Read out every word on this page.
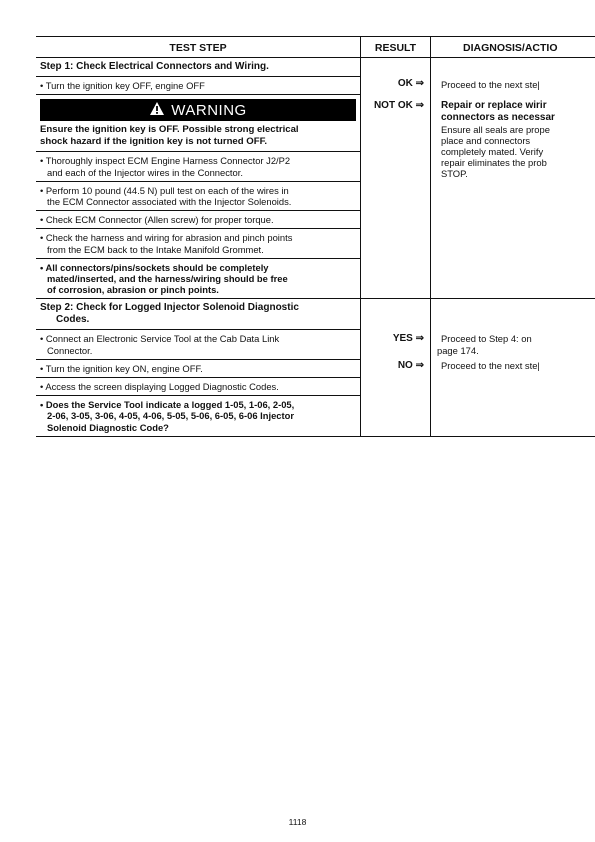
TEST STEP	RESULT	DIAGNOSIS/ACTIO
Step 1: Check Electrical Connectors and Wiring.
• Turn the ignition key OFF, engine OFF
WARNING
Ensure the ignition key is OFF. Possible strong electrical
shock hazard if the ignition key is not turned OFF.
• Thoroughly inspect ECM Engine Harness Connector J2/P2
and each of the Injector wires in the Connector.
• Perform 10 pound (44.5 N) pull test on each of the wires in
the ECM Connector associated with the Injector Solenoids.
• Check ECM Connector (Allen screw) for proper torque.
• Check the harness and wiring for abrasion and pinch points
from the ECM back to the Intake Manifold Grommet.
• All connectors/pins/sockets should be completely
mated/inserted, and the harness/wiring should be free
of corrosion, abrasion or pinch points.
OK ⇒
NOT OK ⇒
Proceed to the next ste|
Repair or replace wirir
connectors as necessar
Ensure all seals are prope
place and connectors
completely mated. Verify
repair eliminates the prob
STOP.
Step 2: Check for Logged Injector Solenoid Diagnostic
Codes.
• Connect an Electronic Service Tool at the Cab Data Link
Connector.
• Turn the ignition key ON, engine OFF.
• Access the screen displaying Logged Diagnostic Codes.
• Does the Service Tool indicate a logged 1-05, 1-06, 2-05,
2-06, 3-05, 3-06, 4-05, 4-06, 5-05, 5-06, 6-05, 6-06 Injector
Solenoid Diagnostic Code?
YES ⇒
NO ⇒
Proceed to Step 4: on
page 174.
Proceed to the next ste|
1118
